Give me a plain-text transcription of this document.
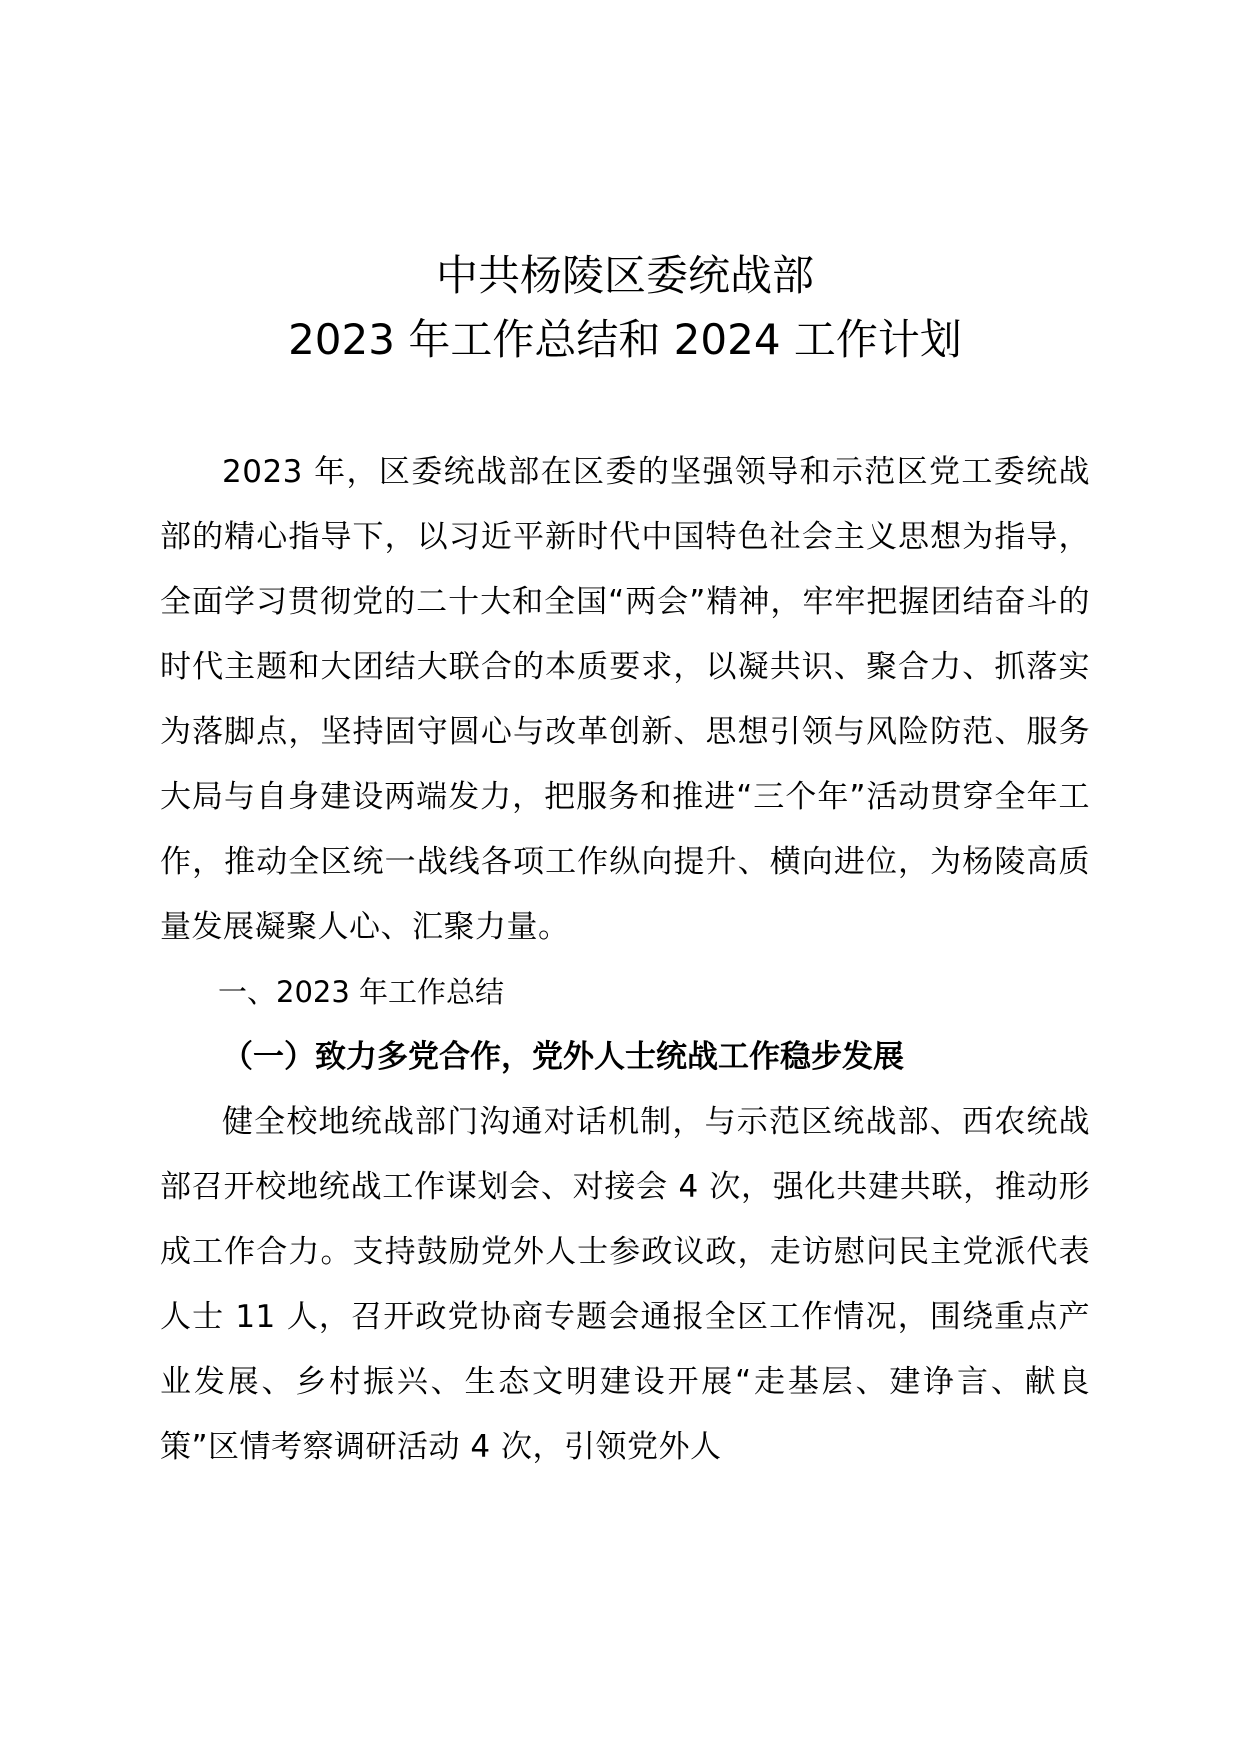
中共杨陵区委统战部
2023 年工作总结和 2024 工作计划

2023 年，区委统战部在区委的坚强领导和示范区党工委统战部的精心指导下，以习近平新时代中国特色社会主义思想为指导，全面学习贯彻党的二十大和全国“两会”精神，牢牢把握团结奋斗的时代主题和大团结大联合的本质要求，以凝共识、聚合力、抓落实为落脚点，坚持固守圆心与改革创新、思想引领与风险防范、服务大局与自身建设两端发力，把服务和推进“三个年”活动贯穿全年工作，推动全区统一战线各项工作纵向提升、横向进位，为杨陵高质量发展凝聚人心、汇聚力量。

一、2023 年工作总结

（一）致力多党合作，党外人士统战工作稳步发展

健全校地统战部门沟通对话机制，与示范区统战部、西农统战部召开校地统战工作谋划会、对接会 4 次，强化共建共联，推动形成工作合力。支持鼓励党外人士参政议政，走访慰问民主党派代表人士 11 人，召开政党协商专题会通报全区工作情况，围绕重点产业发展、乡村振兴、生态文明建设开展“走基层、建诤言、献良策”区情考察调研活动 4 次，引领党外人
